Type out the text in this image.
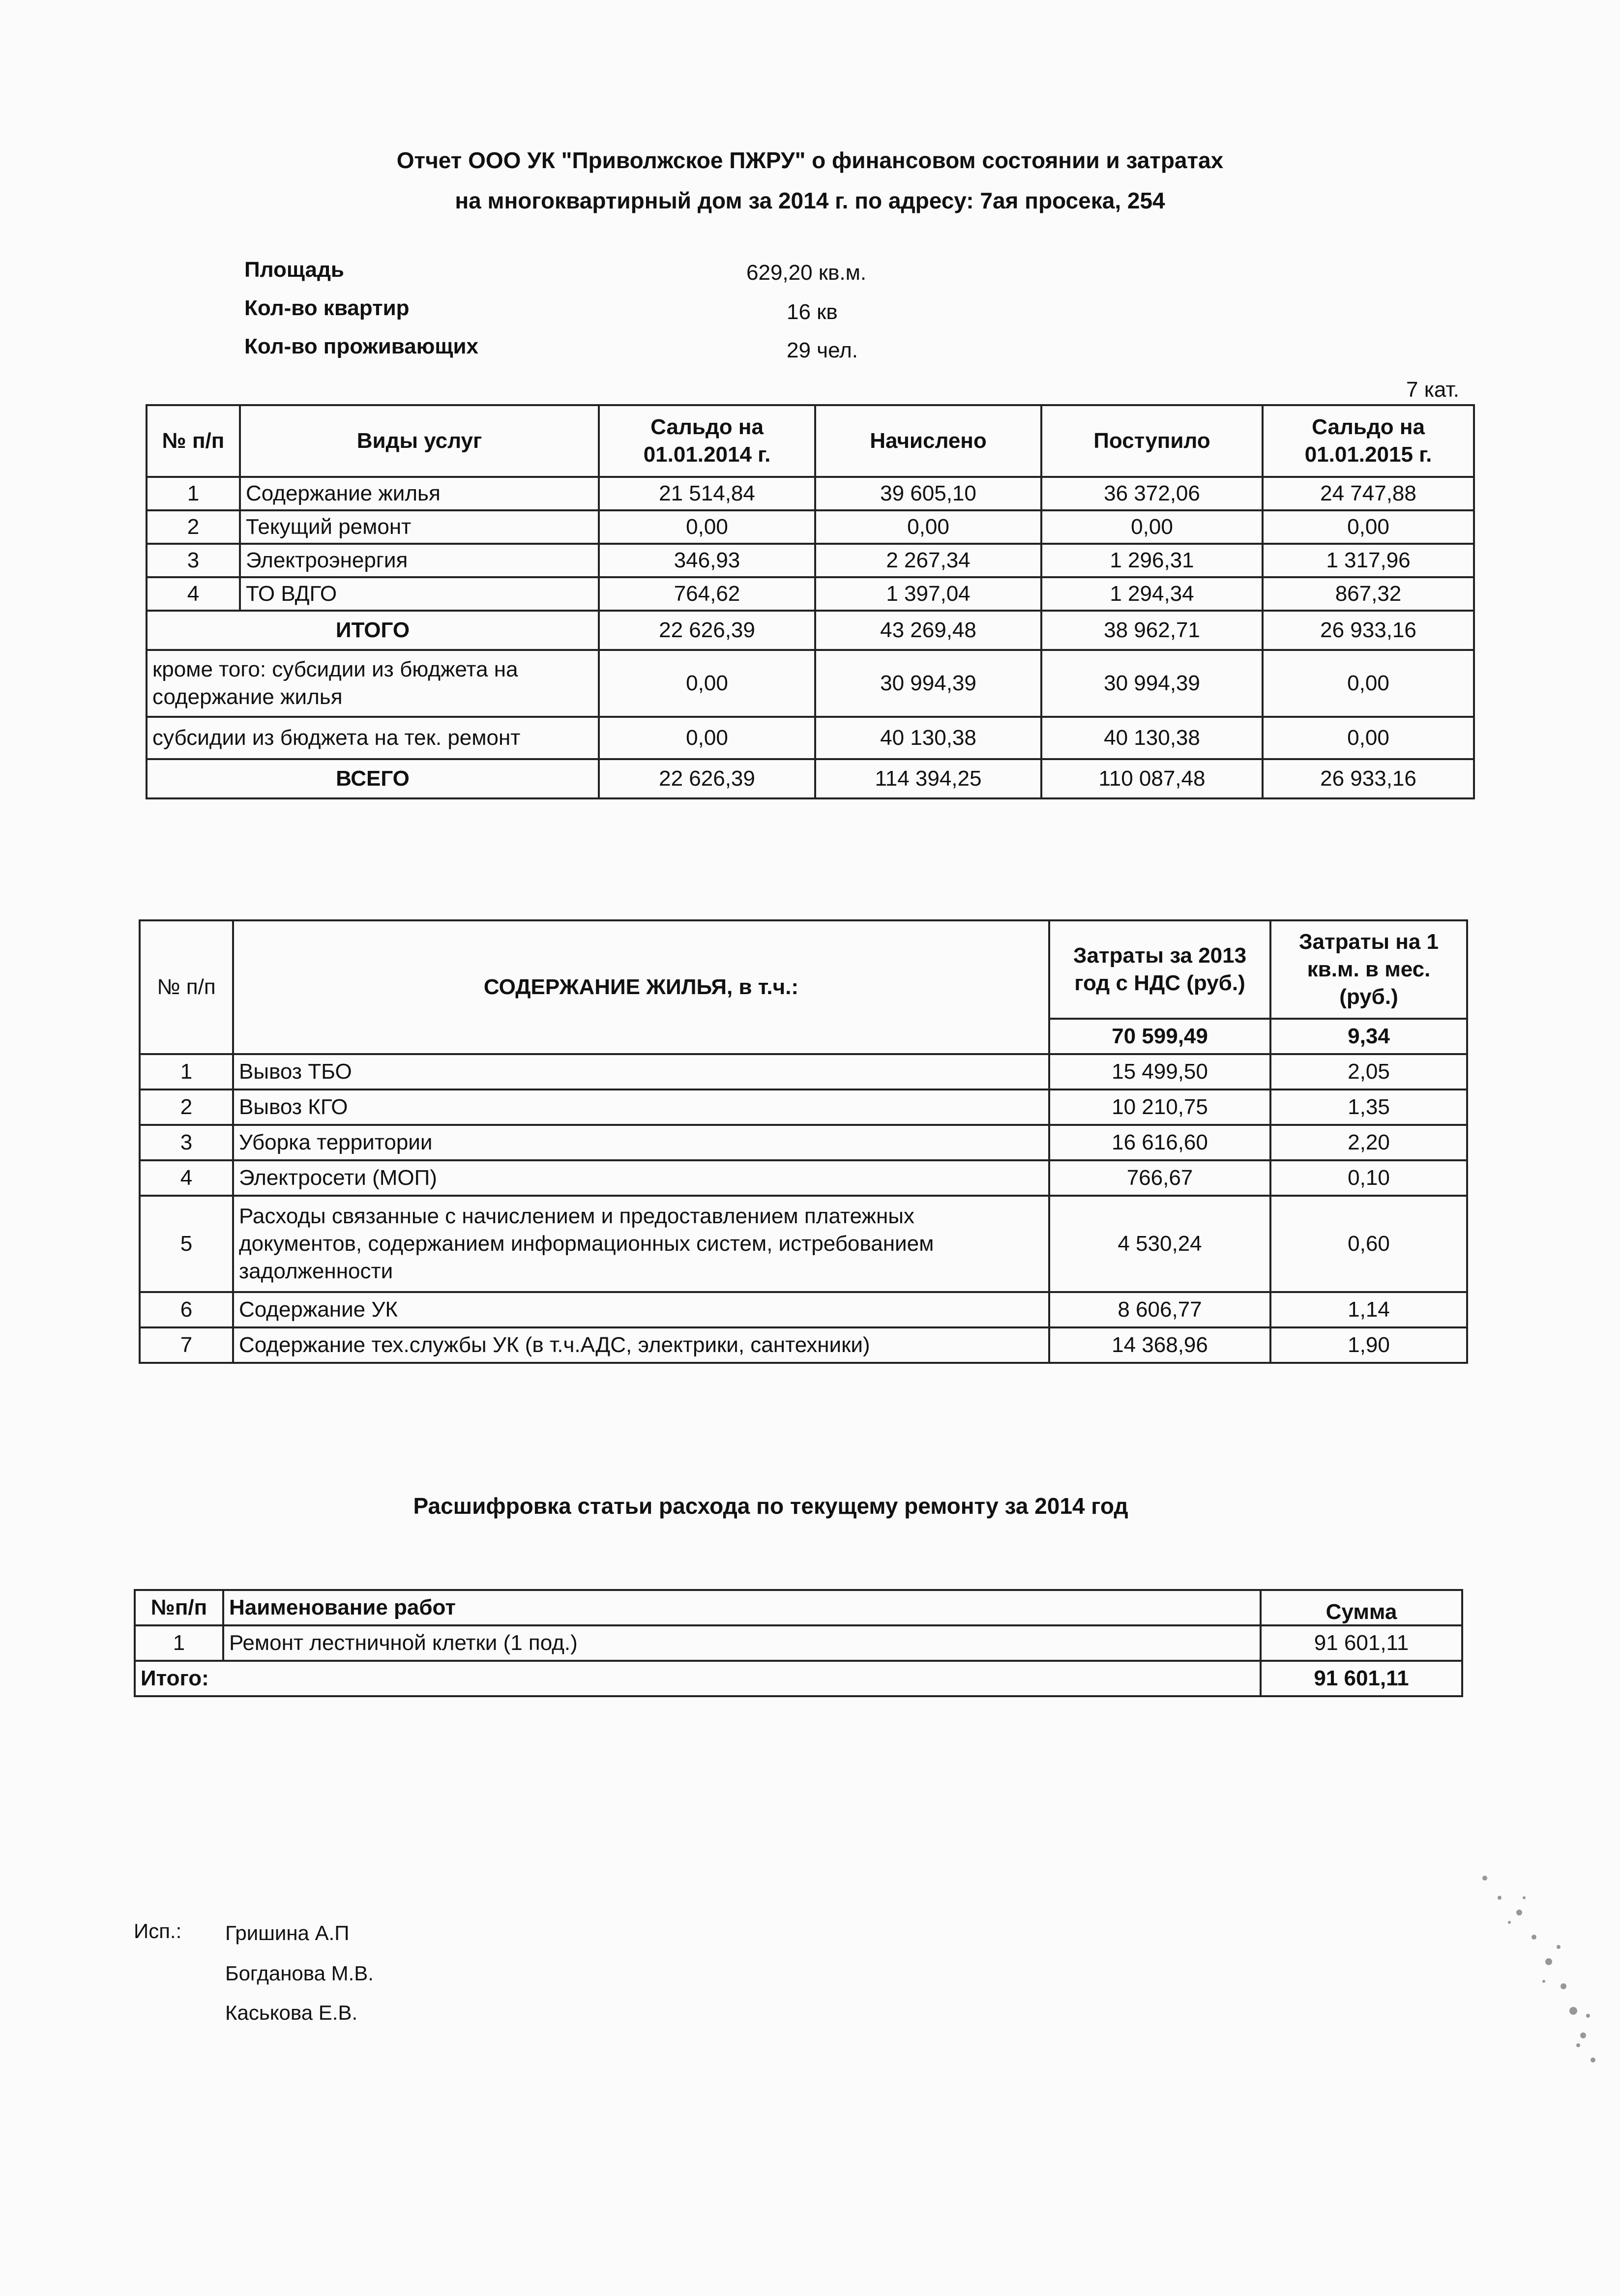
Отчет ООО УК "Приволжское ПЖРУ" о финансовом состоянии и затратах
на многоквартирный дом за 2014 г. по адресу: 7ая просека, 254
Площадь	629,20 кв.м.
Кол-во квартир	16 кв
Кол-во проживающих	29 чел.
7 кат.
№ п/п	Виды услуг	Сальдо на 01.01.2014 г.	Начислено	Поступило	Сальдо на 01.01.2015 г.
1	Содержание жилья	21 514,84	39 605,10	36 372,06	24 747,88
2	Текущий ремонт	0,00	0,00	0,00	0,00
3	Электроэнергия	346,93	2 267,34	1 296,31	1 317,96
4	ТО ВДГО	764,62	1 397,04	1 294,34	867,32
ИТОГО		22 626,39	43 269,48	38 962,71	26 933,16
кроме того: субсидии из бюджета на содержание жилья		0,00	30 994,39	30 994,39	0,00
субсидии из бюджета на тек. ремонт		0,00	40 130,38	40 130,38	0,00
ВСЕГО		22 626,39	114 394,25	110 087,48	26 933,16
№ п/п	СОДЕРЖАНИЕ ЖИЛЬЯ, в т.ч.:	Затраты за 2013 год с НДС (руб.)	Затраты на 1 кв.м. в мес. (руб.)
		70 599,49	9,34
1	Вывоз ТБО	15 499,50	2,05
2	Вывоз КГО	10 210,75	1,35
3	Уборка территории	16 616,60	2,20
4	Электросети (МОП)	766,67	0,10
5	Расходы связанные с начислением и предоставлением платежных документов, содержанием информационных систем, истребованием задолженности	4 530,24	0,60
6	Содержание УК	8 606,77	1,14
7	Содержание тех.службы УК (в т.ч.АДС, электрики, сантехники)	14 368,96	1,90
Расшифровка статьи расхода по текущему ремонту за 2014 год
№п/п	Наименование работ	Сумма
1	Ремонт лестничной клетки (1 под.)	91 601,11
Итого:		91 601,11
Исп.: Гришина А.П
Богданова М.В.
Каськова Е.В.
